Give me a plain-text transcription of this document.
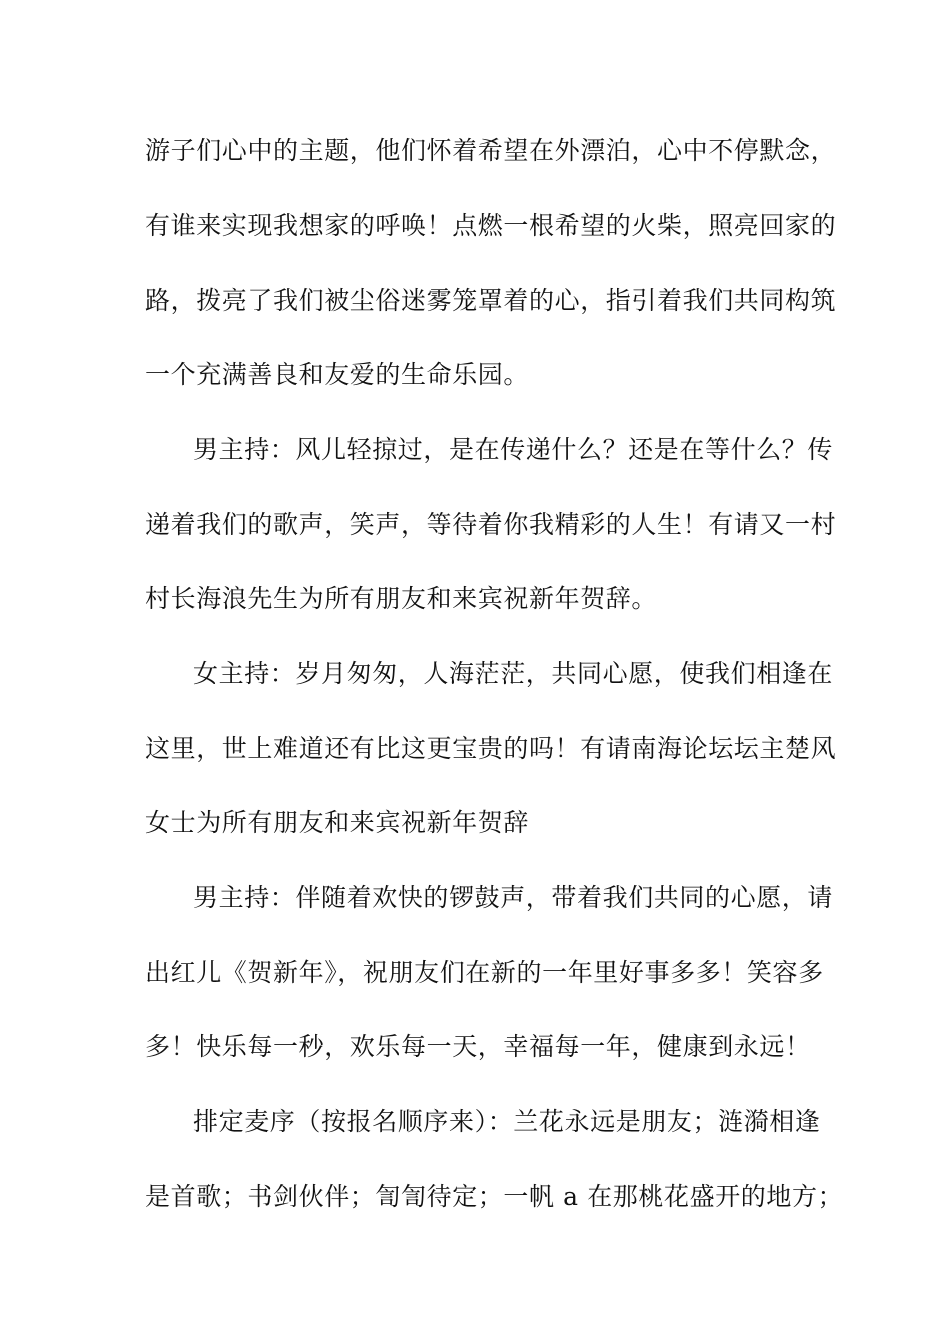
游子们心中的主题，他们怀着希望在外漂泊，心中不停默念，
有谁来实现我想家的呼唤！点燃一根希望的火柴，照亮回家的
路，拨亮了我们被尘俗迷雾笼罩着的心，指引着我们共同构筑
一个充满善良和友爱的生命乐园。
男主持：风儿轻掠过，是在传递什么？还是在等什么？传
递着我们的歌声，笑声，等待着你我精彩的人生！有请又一村
村长海浪先生为所有朋友和来宾祝新年贺辞。
女主持：岁月匆匆，人海茫茫，共同心愿，使我们相逢在
这里，世上难道还有比这更宝贵的吗！有请南海论坛坛主楚风
女士为所有朋友和来宾祝新年贺辞
男主持：伴随着欢快的锣鼓声，带着我们共同的心愿，请
出红儿《贺新年》，祝朋友们在新的一年里好事多多！笑容多
多！快乐每一秒，欢乐每一天，幸福每一年，健康到永远！
排定麦序（按报名顺序来）：兰花永远是朋友；涟漪相逢
是首歌；书剑伙伴；訇訇待定；一帆 a 在那桃花盛开的地方；
